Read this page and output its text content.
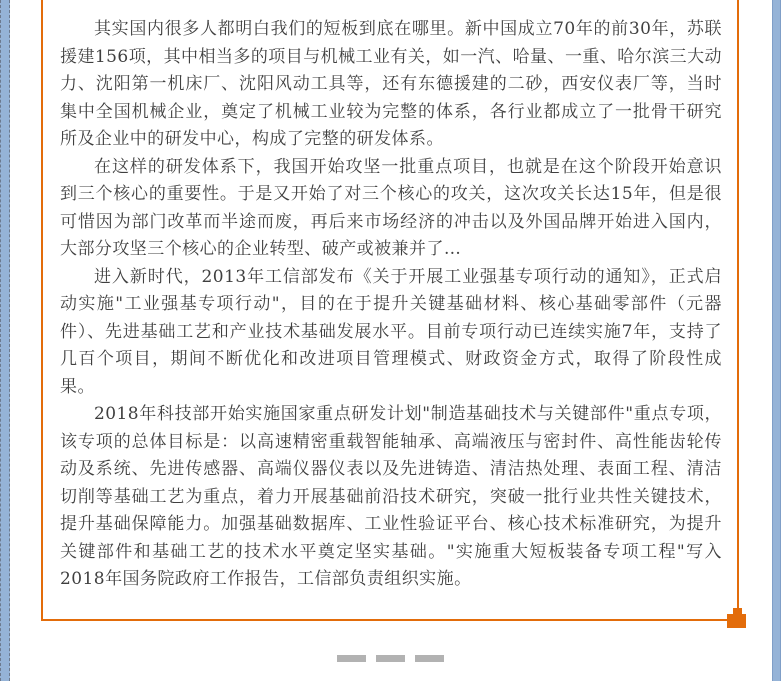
其实国内很多人都明白我们的短板到底在哪里。新中国成立70年的前30年，苏联援建156项，其中相当多的项目与机械工业有关，如一汽、哈量、一重、哈尔滨三大动力、沈阳第一机床厂、沈阳风动工具等，还有东德援建的二砂，西安仪表厂等，当时集中全国机械企业，奠定了机械工业较为完整的体系，各行业都成立了一批骨干研究所及企业中的研发中心，构成了完整的研发体系。

在这样的研发体系下，我国开始攻坚一批重点项目，也就是在这个阶段开始意识到三个核心的重要性。于是又开始了对三个核心的攻关，这次攻关长达15年，但是很可惜因为部门改革而半途而废，再后来市场经济的冲击以及外国品牌开始进入国内，大部分攻坚三个核心的企业转型、破产或被兼并了…

进入新时代，2013年工信部发布《关于开展工业强基专项行动的通知》，正式启动实施"工业强基专项行动"，目的在于提升关键基础材料、核心基础零部件（元器件）、先进基础工艺和产业技术基础发展水平。目前专项行动已连续实施7年，支持了几百个项目，期间不断优化和改进项目管理模式、财政资金方式，取得了阶段性成果。

2018年科技部开始实施国家重点研发计划"制造基础技术与关键部件"重点专项，该专项的总体目标是：以高速精密重载智能轴承、高端液压与密封件、高性能齿轮传动及系统、先进传感器、高端仪器仪表以及先进铸造、清洁热处理、表面工程、清洁切削等基础工艺为重点，着力开展基础前沿技术研究，突破一批行业共性关键技术，提升基础保障能力。加强基础数据库、工业性验证平台、核心技术标准研究，为提升关键部件和基础工艺的技术水平奠定坚实基础。"实施重大短板装备专项工程"写入2018年国务院政府工作报告，工信部负责组织实施。
